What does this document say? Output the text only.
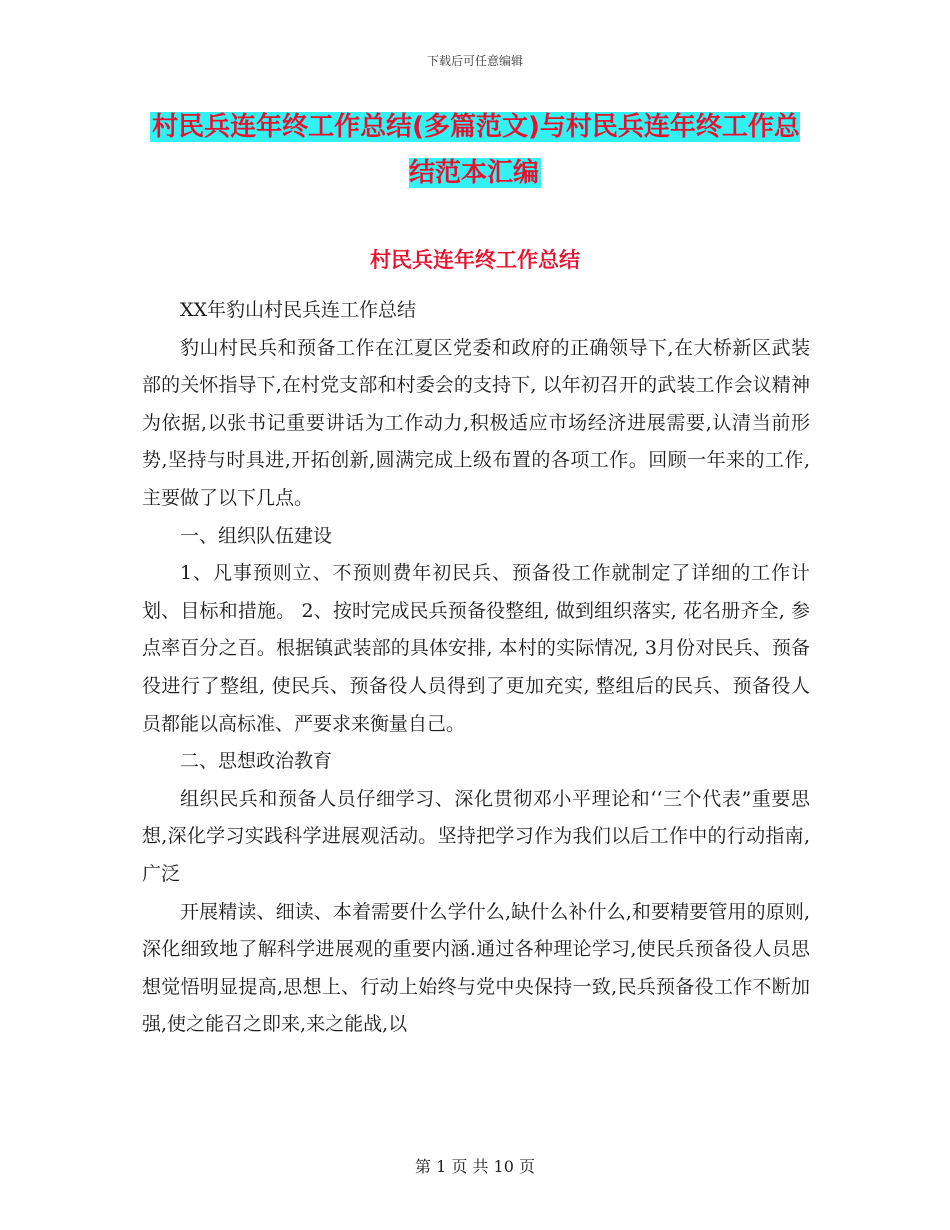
下载后可任意编辑
村民兵连年终工作总结(多篇范文)与村民兵连年终工作总结范本汇编
村民兵连年终工作总结

XX年豹山村民兵连工作总结

豹山村民兵和预备工作在江夏区党委和政府的正确领导下,在大桥新区武装部的关怀指导下,在村党支部和村委会的支持下, 以年初召开的武装工作会议精神为依据,以张书记重要讲话为工作动力,积极适应市场经济进展需要,认清当前形势,坚持与时具进,开拓创新,圆满完成上级布置的各项工作。回顾一年来的工作,主要做了以下几点。

一、组织队伍建设

1、凡事预则立、不预则费年初民兵、预备役工作就制定了详细的工作计划、目标和措施。 2、按时完成民兵预备役整组, 做到组织落实, 花名册齐全, 参点率百分之百。根据镇武装部的具体安排, 本村的实际情况, 3月份对民兵、预备役进行了整组, 使民兵、预备役人员得到了更加充实, 整组后的民兵、预备役人员都能以高标准、严要求来衡量自己。

二、思想政治教育

组织民兵和预备人员仔细学习、深化贯彻邓小平理论和‘‘三个代表”重要思想,深化学习实践科学进展观活动。坚持把学习作为我们以后工作中的行动指南,广泛

开展精读、细读、本着需要什么学什么,缺什么补什么,和要精要管用的原则,深化细致地了解科学进展观的重要内涵.通过各种理论学习,使民兵预备役人员思想觉悟明显提高,思想上、行动上始终与党中央保持一致,民兵预备役工作不断加强,使之能召之即来,来之能战,以

第 1 页 共 10 页
